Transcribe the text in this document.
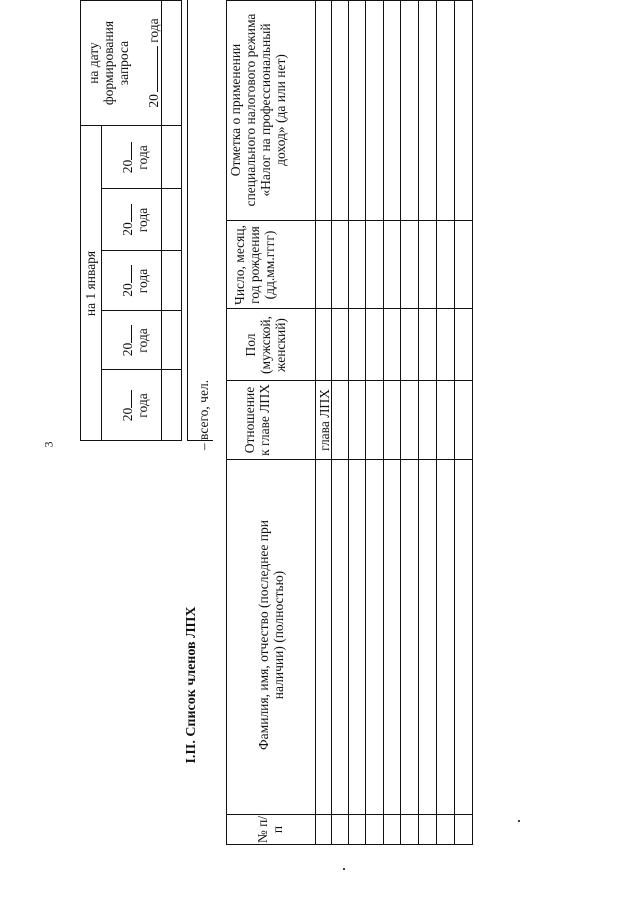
3
на 1 января
20
года
20
года
20
года
20
года
20
года
на дату формирования запроса
20 года
I.II. Список членов ЛПХ
– всего, чел.
№ п/п
Фамилия, имя, отчество (последнее при наличии) (полностью)
Отношение к главе ЛПХ
Пол (мужской, женский)
Число, месяц, год рождения (дд.мм.гггг)
Отметка о применении специального налогового режима «Налог на профессиональный доход» (да или нет)
глава ЛПХ
